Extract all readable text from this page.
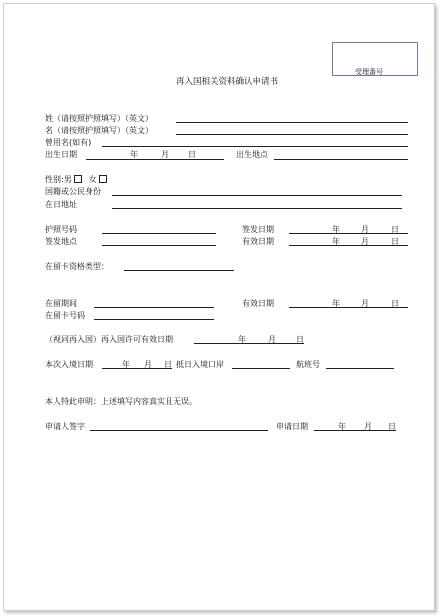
受理番号
再入国相关资料确认申请书
姓（请按照护照填写）（英文）
名（请按照护照填写）（英文）
曾用名(如有)
出生日期	年	月 日	出生地点
性别:男 女
国籍或公民身份
在日地址
护照号码	签发日期	年	月	日
签发地点	有效日期	年	月	日
在留卡资格类型：
在留期间	有效日期	年	月	日
在留卡号码
（视同再入国）再入国许可有效日期	年	月	日
本次入境日期	年 月 日 抵日入境口岸	航班号
本人特此申明：上述填写内容真实且无误。
申请人签字	申请日期	年 月 日
